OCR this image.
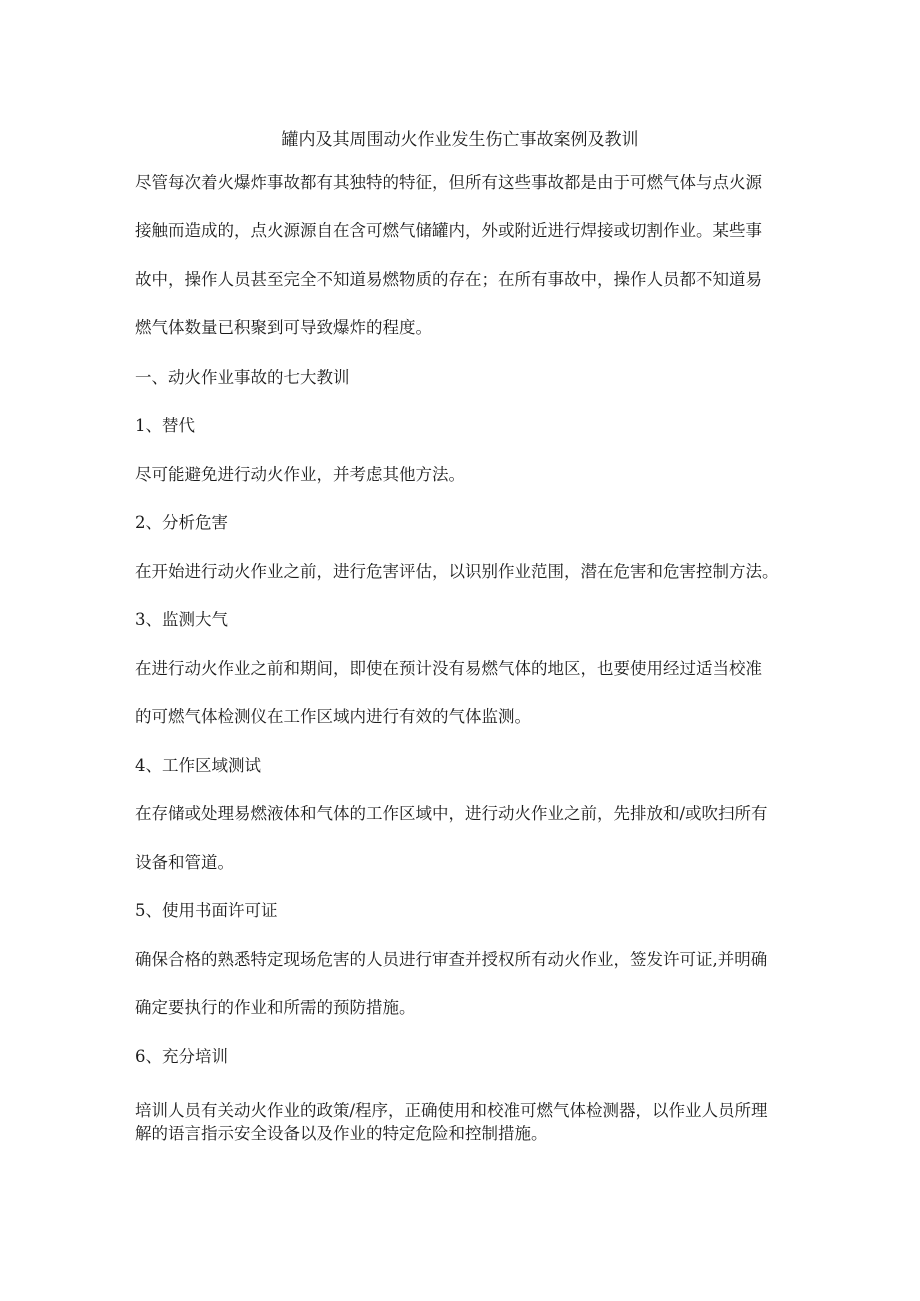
罐内及其周围动火作业发生伤亡事故案例及教训

尽管每次着火爆炸事故都有其独特的特征，但所有这些事故都是由于可燃气体与点火源

接触而造成的，点火源源自在含可燃气储罐内，外或附近进行焊接或切割作业。某些事

故中，操作人员甚至完全不知道易燃物质的存在；在所有事故中，操作人员都不知道易

燃气体数量已积聚到可导致爆炸的程度。

一、动火作业事故的七大教训

1、替代

尽可能避免进行动火作业，并考虑其他方法。

2、分析危害

在开始进行动火作业之前，进行危害评估，以识别作业范围，潜在危害和危害控制方法。

3、监测大气

在进行动火作业之前和期间，即使在预计没有易燃气体的地区，也要使用经过适当校准

的可燃气体检测仪在工作区域内进行有效的气体监测。

4、工作区域测试

在存储或处理易燃液体和气体的工作区域中，进行动火作业之前，先排放和/或吹扫所有

设备和管道。

5、使用书面许可证

确保合格的熟悉特定现场危害的人员进行审查并授权所有动火作业，签发许可证,并明确

确定要执行的作业和所需的预防措施。

6、充分培训

培训人员有关动火作业的政策/程序，正确使用和校准可燃气体检测器，以作业人员所理

解的语言指示安全设备以及作业的特定危险和控制措施。
